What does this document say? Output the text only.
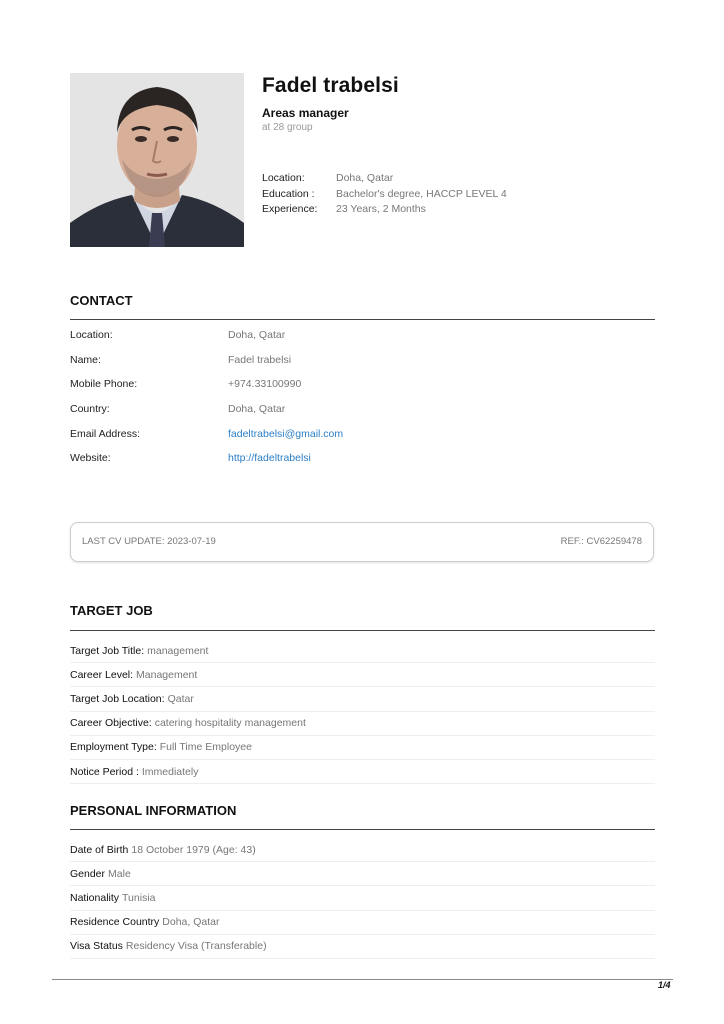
Fadel trabelsi
Areas manager
at 28 group
Location:	Doha, Qatar
Education :	Bachelor's degree, HACCP LEVEL 4
Experience:	23 Years, 2 Months
CONTACT
Location:	Doha, Qatar
Name:	Fadel trabelsi
Mobile Phone:	+974.33100990
Country:	Doha, Qatar
Email Address:	fadeltrabelsi@gmail.com
Website:	http://fadeltrabelsi
LAST CV UPDATE: 2023-07-19	REF.: CV62259478
TARGET JOB
Target Job Title: management
Career Level: Management
Target Job Location: Qatar
Career Objective: catering hospitality management
Employment Type: Full Time Employee
Notice Period : Immediately
PERSONAL INFORMATION
Date of Birth 18 October 1979 (Age: 43)
Gender Male
Nationality Tunisia
Residence Country Doha, Qatar
Visa Status Residency Visa (Transferable)
1/4
